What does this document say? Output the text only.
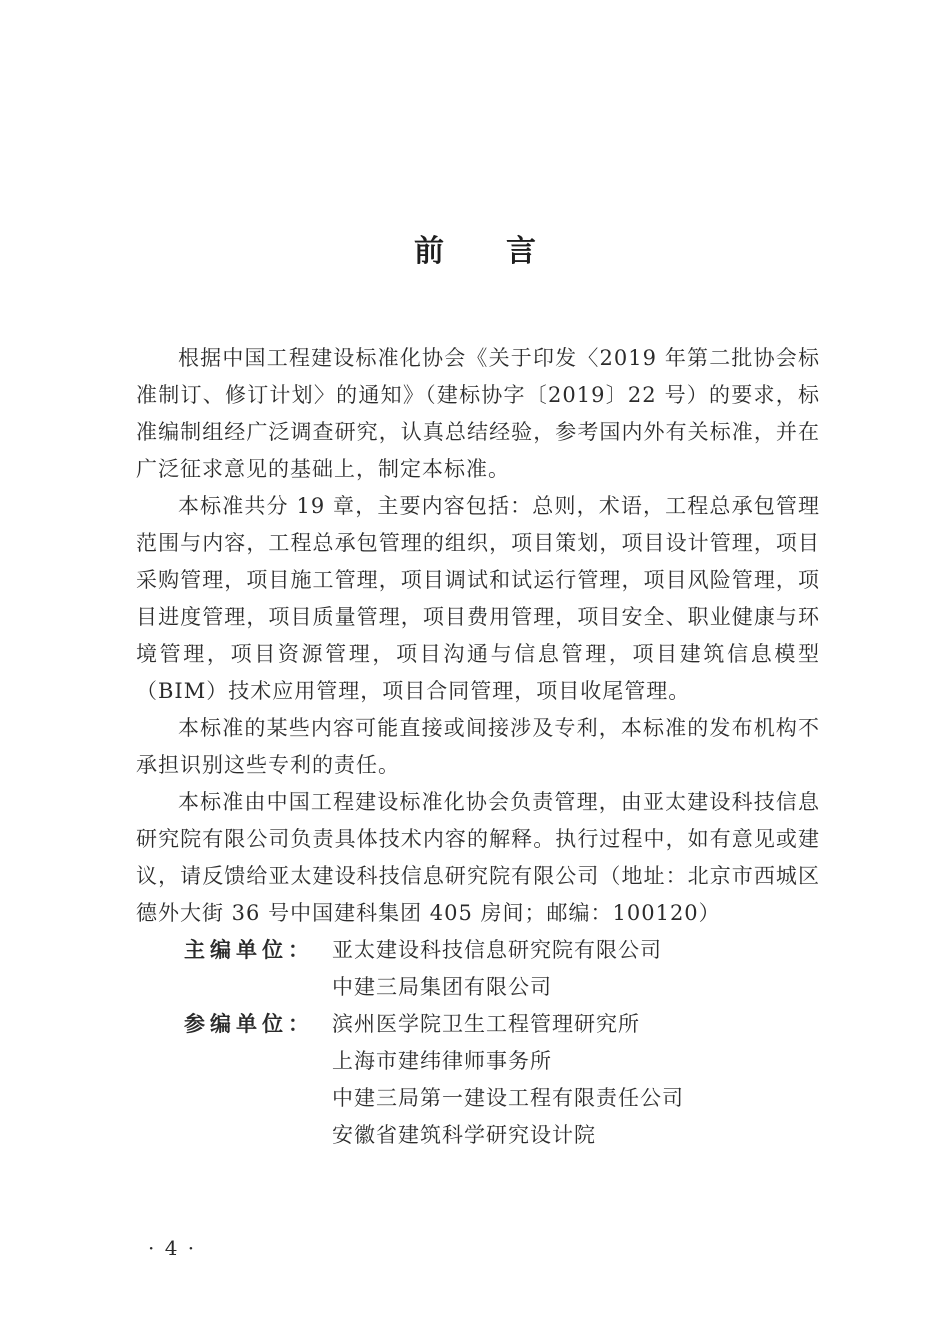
前 言

根据中国工程建设标准化协会《关于印发〈2019 年第二批协会标准制订、修订计划〉的通知》（建标协字〔2019〕22 号）的要求，标准编制组经广泛调查研究，认真总结经验，参考国内外有关标准，并在广泛征求意见的基础上，制定本标准。

本标准共分 19 章，主要内容包括：总则，术语，工程总承包管理范围与内容，工程总承包管理的组织，项目策划，项目设计管理，项目采购管理，项目施工管理，项目调试和试运行管理，项目风险管理，项目进度管理，项目质量管理，项目费用管理，项目安全、职业健康与环境管理，项目资源管理，项目沟通与信息管理，项目建筑信息模型（BIM）技术应用管理，项目合同管理，项目收尾管理。

本标准的某些内容可能直接或间接涉及专利，本标准的发布机构不承担识别这些专利的责任。

本标准由中国工程建设标准化协会负责管理，由亚太建设科技信息研究院有限公司负责具体技术内容的解释。执行过程中，如有意见或建议，请反馈给亚太建设科技信息研究院有限公司（地址：北京市西城区德外大街 36 号中国建科集团 405 房间；邮编：100120）

主编单位： 亚太建设科技信息研究院有限公司
中建三局集团有限公司
参编单位： 滨州医学院卫生工程管理研究所
上海市建纬律师事务所
中建三局第一建设工程有限责任公司
安徽省建筑科学研究设计院
· 4 ·
